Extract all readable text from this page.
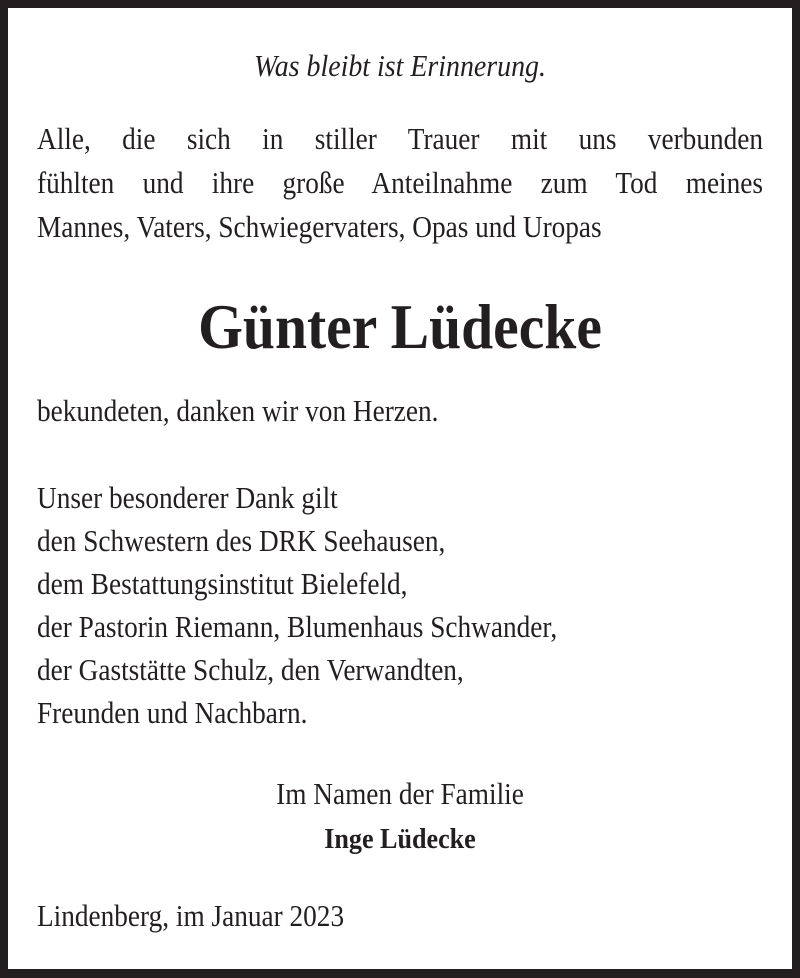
Was bleibt ist Erinnerung.
Alle, die sich in stiller Trauer mit uns verbunden
fühlten und ihre große Anteilnahme zum Tod meines
Mannes, Vaters, Schwiegervaters, Opas und Uropas
Günter Lüdecke
bekundeten, danken wir von Herzen.
Unser besonderer Dank gilt
den Schwestern des DRK Seehausen,
dem Bestattungsinstitut Bielefeld,
der Pastorin Riemann, Blumenhaus Schwander,
der Gaststätte Schulz, den Verwandten,
Freunden und Nachbarn.
Im Namen der Familie
Inge Lüdecke
Lindenberg, im Januar 2023
